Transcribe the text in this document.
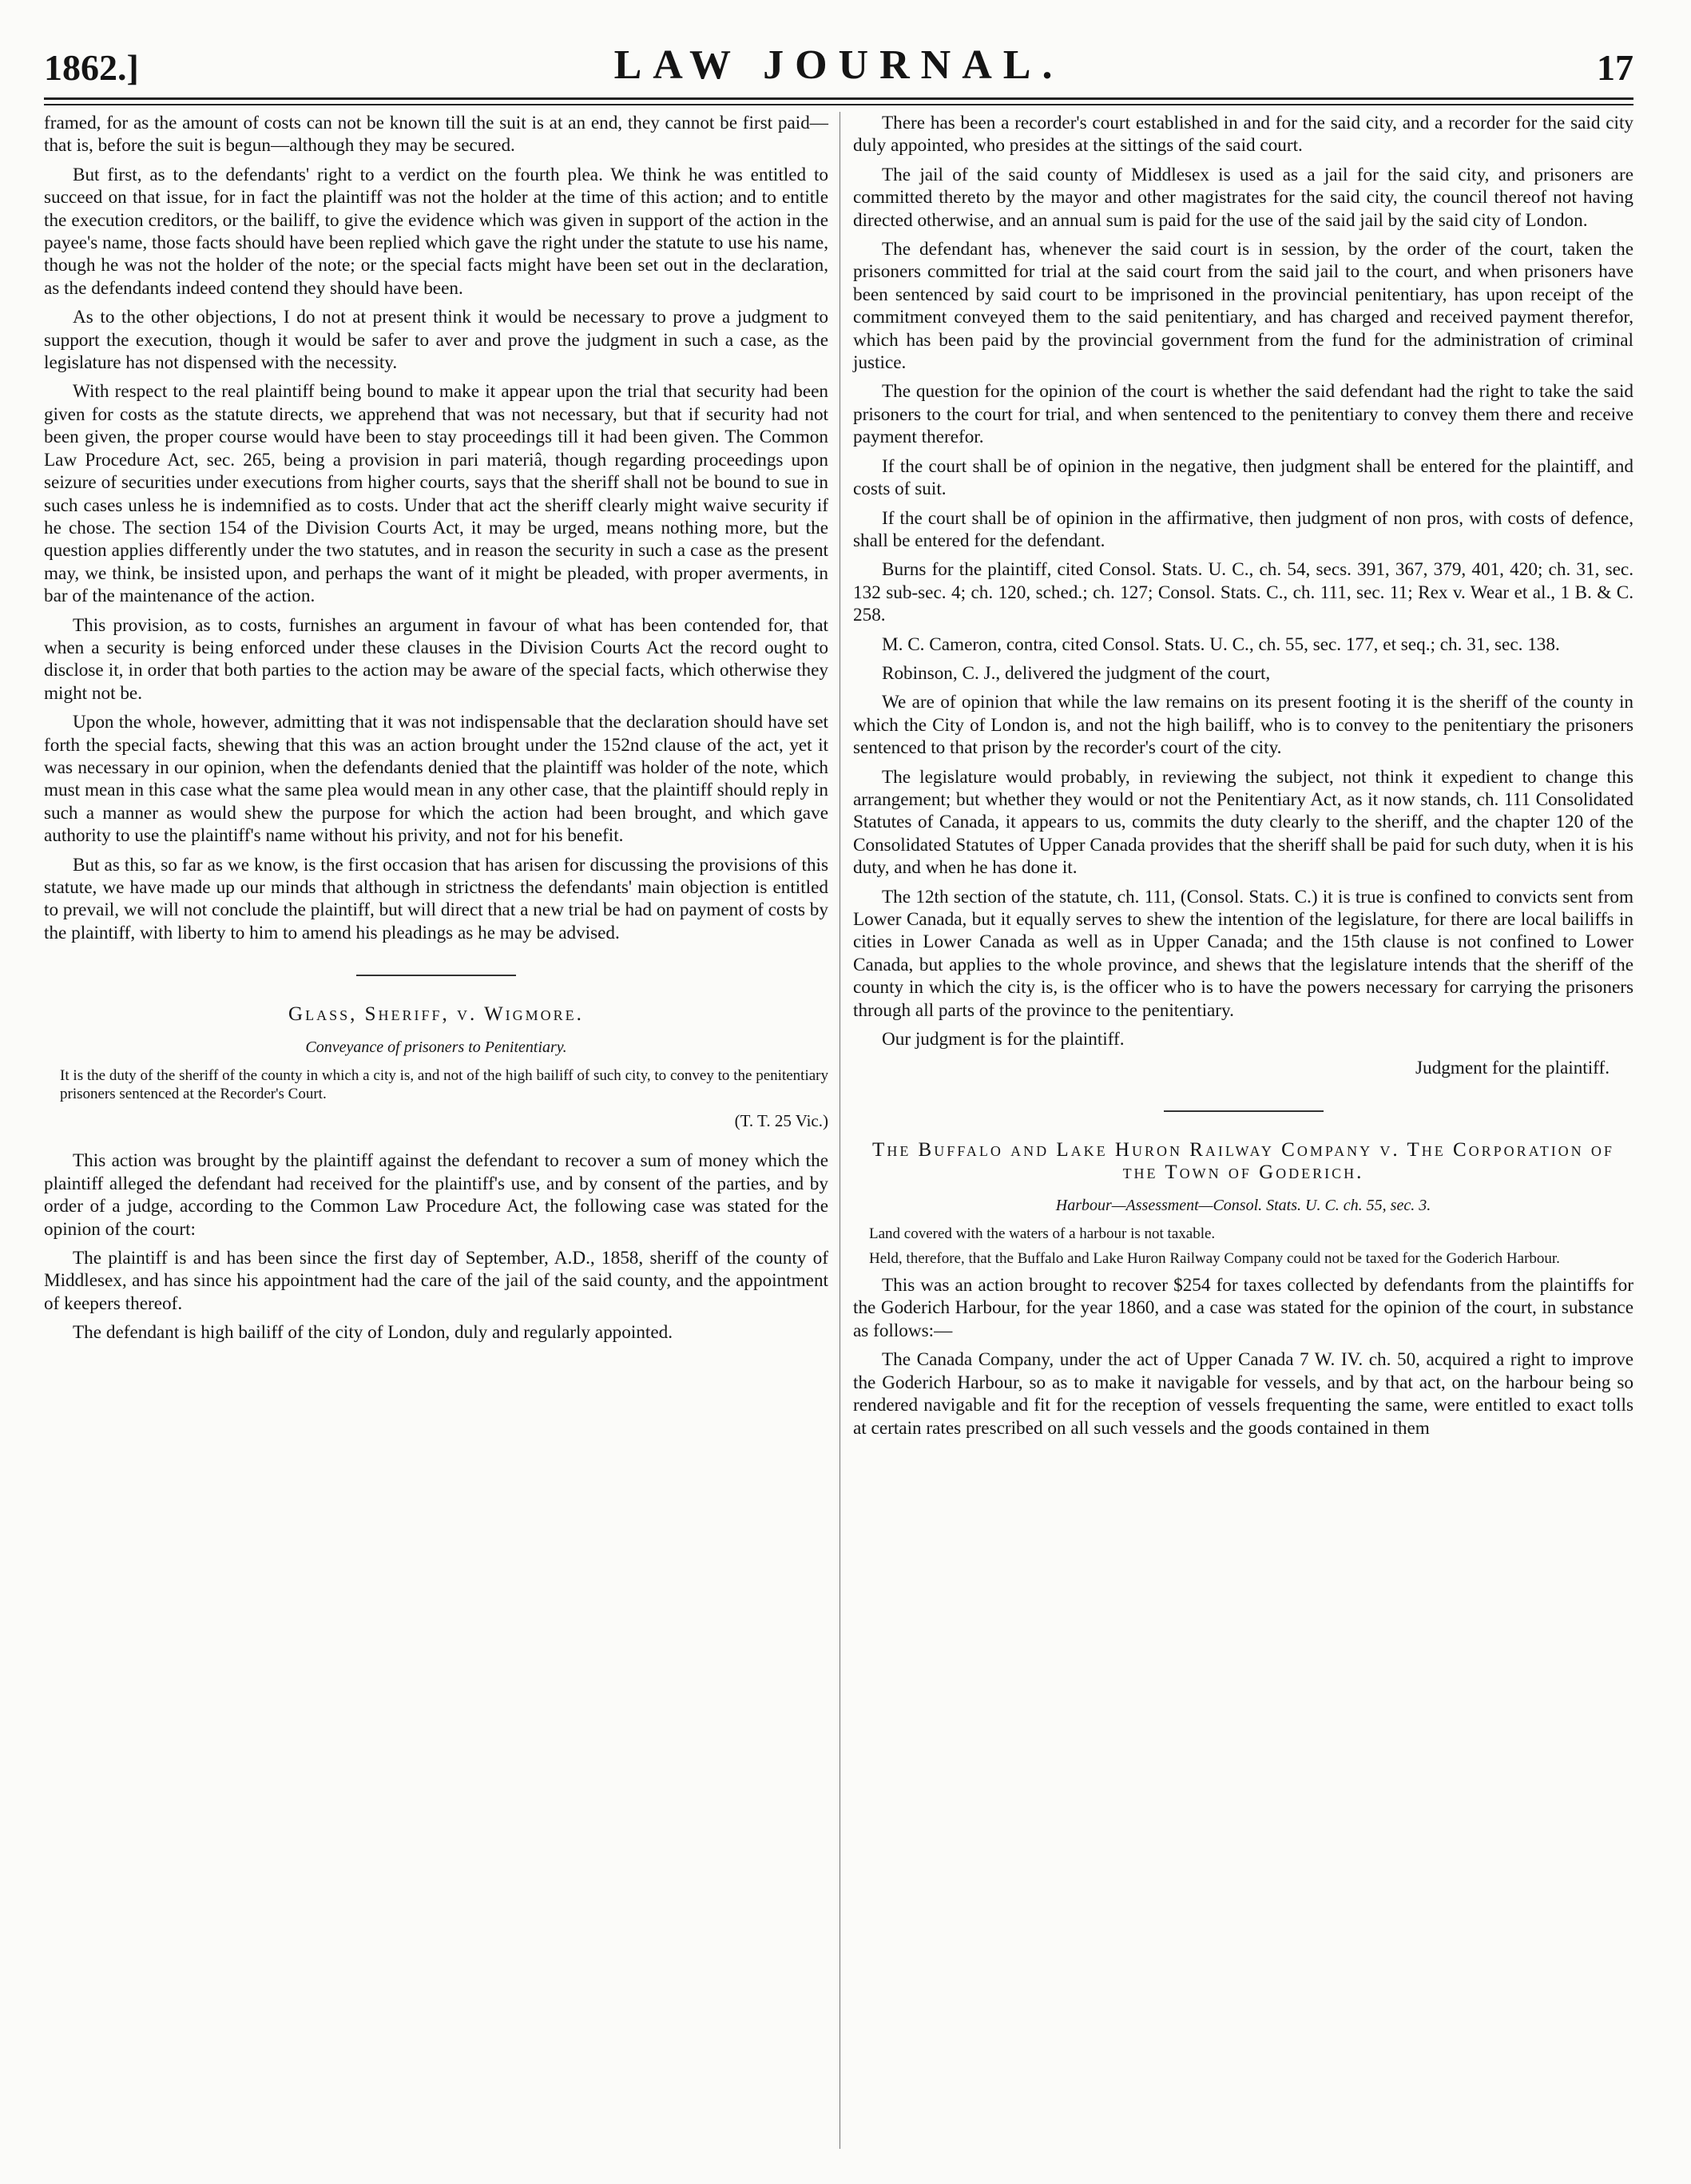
1862.]	LAW JOURNAL.	17

framed, for as the amount of costs can not be known till the suit is at an end, they cannot be first paid—that is, before the suit is begun—although they may be secured.

But first, as to the defendants' right to a verdict on the fourth plea. We think he was entitled to succeed on that issue, for in fact the plaintiff was not the holder at the time of this action; and to entitle the execution creditors, or the bailiff, to give the evidence which was given in support of the action in the payee's name, those facts should have been replied which gave the right under the statute to use his name, though he was not the holder of the note; or the special facts might have been set out in the declaration, as the defendants indeed contend they should have been.

As to the other objections, I do not at present think it would be necessary to prove a judgment to support the execution, though it would be safer to aver and prove the judgment in such a case, as the legislature has not dispensed with the necessity.

With respect to the real plaintiff being bound to make it appear upon the trial that security had been given for costs as the statute directs, we apprehend that was not necessary, but that if security had not been given, the proper course would have been to stay proceedings till it had been given. The Common Law Procedure Act, sec. 265, being a provision in pari materiâ, though regarding proceedings upon seizure of securities under executions from higher courts, says that the sheriff shall not be bound to sue in such cases unless he is indemnified as to costs. Under that act the sheriff clearly might waive security if he chose. The section 154 of the Division Courts Act, it may be urged, means nothing more, but the question applies differently under the two statutes, and in reason the security in such a case as the present may, we think, be insisted upon, and perhaps the want of it might be pleaded, with proper averments, in bar of the maintenance of the action.

This provision, as to costs, furnishes an argument in favour of what has been contended for, that when a security is being enforced under these clauses in the Division Courts Act the record ought to disclose it, in order that both parties to the action may be aware of the special facts, which otherwise they might not be.

Upon the whole, however, admitting that it was not indispensable that the declaration should have set forth the special facts, shewing that this was an action brought under the 152nd clause of the act, yet it was necessary in our opinion, when the defendants denied that the plaintiff was holder of the note, which must mean in this case what the same plea would mean in any other case, that the plaintiff should reply in such a manner as would shew the purpose for which the action had been brought, and which gave authority to use the plaintiff's name without his privity, and not for his benefit.

But as this, so far as we know, is the first occasion that has arisen for discussing the provisions of this statute, we have made up our minds that although in strictness the defendants' main objection is entitled to prevail, we will not conclude the plaintiff, but will direct that a new trial be had on payment of costs by the plaintiff, with liberty to him to amend his pleadings as he may be advised.

Glass, Sheriff, v. Wigmore.
Conveyance of prisoners to Penitentiary.

It is the duty of the sheriff of the county in which a city is, and not of the high bailiff of such city, to convey to the penitentiary prisoners sentenced at the Recorder's Court.

(T. T. 25 Vic.)

This action was brought by the plaintiff against the defendant to recover a sum of money which the plaintiff alleged the defendant had received for the plaintiff's use, and by consent of the parties, and by order of a judge, according to the Common Law Procedure Act, the following case was stated for the opinion of the court:

The plaintiff is and has been since the first day of September, A.D., 1858, sheriff of the county of Middlesex, and has since his appointment had the care of the jail of the said county, and the appointment of keepers thereof.

The defendant is high bailiff of the city of London, duly and regularly appointed.

There has been a recorder's court established in and for the said city, and a recorder for the said city duly appointed, who presides at the sittings of the said court.

The jail of the said county of Middlesex is used as a jail for the said city, and prisoners are committed thereto by the mayor and other magistrates for the said city, the council thereof not having directed otherwise, and an annual sum is paid for the use of the said jail by the said city of London.

The defendant has, whenever the said court is in session, by the order of the court, taken the prisoners committed for trial at the said court from the said jail to the court, and when prisoners have been sentenced by said court to be imprisoned in the provincial penitentiary, has upon receipt of the commitment conveyed them to the said penitentiary, and has charged and received payment therefor, which has been paid by the provincial government from the fund for the administration of criminal justice.

The question for the opinion of the court is whether the said defendant had the right to take the said prisoners to the court for trial, and when sentenced to the penitentiary to convey them there and receive payment therefor.

If the court shall be of opinion in the negative, then judgment shall be entered for the plaintiff, and costs of suit.

If the court shall be of opinion in the affirmative, then judgment of non pros, with costs of defence, shall be entered for the defendant.

Burns for the plaintiff, cited Consol. Stats. U. C., ch. 54, secs. 391, 367, 379, 401, 420; ch. 31, sec. 132 sub-sec. 4; ch. 120, sched.; ch. 127; Consol. Stats. C., ch. 111, sec. 11; Rex v. Wear et al., 1 B. & C. 258.

M. C. Cameron, contra, cited Consol. Stats. U. C., ch. 55, sec. 177, et seq.; ch. 31, sec. 138.

Robinson, C. J., delivered the judgment of the court,

We are of opinion that while the law remains on its present footing it is the sheriff of the county in which the City of London is, and not the high bailiff, who is to convey to the penitentiary the prisoners sentenced to that prison by the recorder's court of the city.

The legislature would probably, in reviewing the subject, not think it expedient to change this arrangement; but whether they would or not the Penitentiary Act, as it now stands, ch. 111 Consolidated Statutes of Canada, it appears to us, commits the duty clearly to the sheriff, and the chapter 120 of the Consolidated Statutes of Upper Canada provides that the sheriff shall be paid for such duty, when it is his duty, and when he has done it.

The 12th section of the statute, ch. 111, (Consol. Stats. C.) it is true is confined to convicts sent from Lower Canada, but it equally serves to shew the intention of the legislature, for there are local bailiffs in cities in Lower Canada as well as in Upper Canada; and the 15th clause is not confined to Lower Canada, but applies to the whole province, and shews that the legislature intends that the sheriff of the county in which the city is, is the officer who is to have the powers necessary for carrying the prisoners through all parts of the province to the penitentiary.

Our judgment is for the plaintiff.

Judgment for the plaintiff.
The Buffalo and Lake Huron Railway Company v. The Corporation of the Town of Goderich.
Harbour—Assessment—Consol. Stats. U. C. ch. 55, sec. 3.

Land covered with the waters of a harbour is not taxable.

Held, therefore, that the Buffalo and Lake Huron Railway Company could not be taxed for the Goderich Harbour.

This was an action brought to recover $254 for taxes collected by defendants from the plaintiffs for the Goderich Harbour, for the year 1860, and a case was stated for the opinion of the court, in substance as follows:—

The Canada Company, under the act of Upper Canada 7 W. IV. ch. 50, acquired a right to improve the Goderich Harbour, so as to make it navigable for vessels, and by that act, on the harbour being so rendered navigable and fit for the reception of vessels frequenting the same, were entitled to exact tolls at certain rates prescribed on all such vessels and the goods contained in them
